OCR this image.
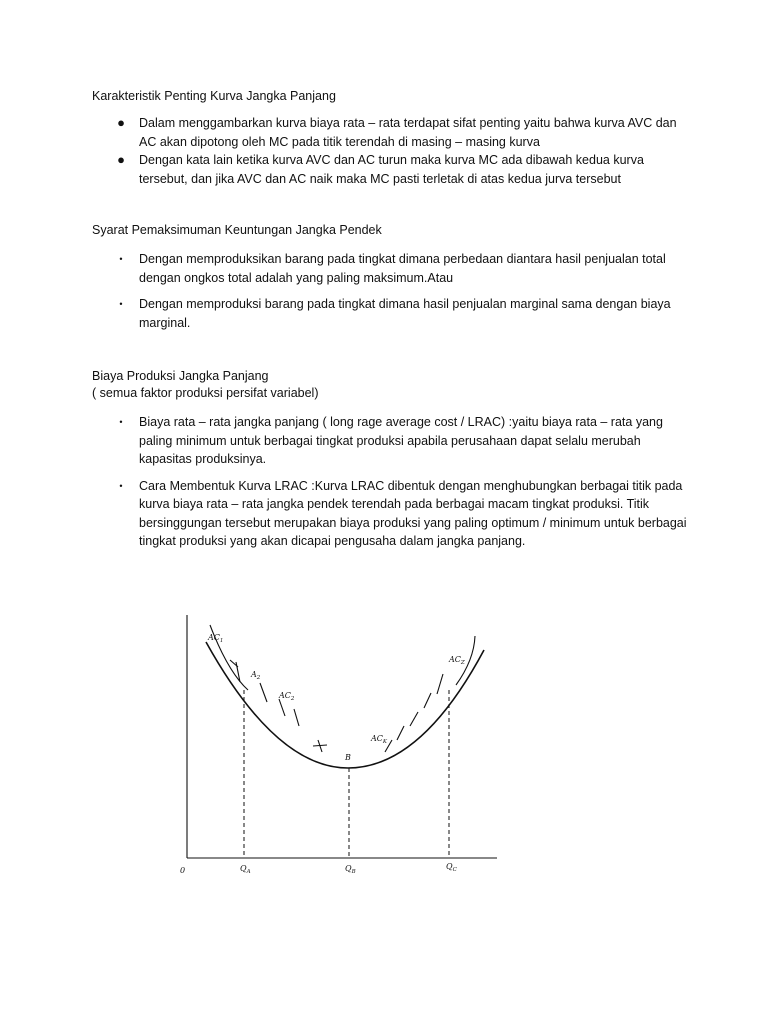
Karakteristik Penting Kurva Jangka Panjang
● Dalam menggambarkan kurva biaya rata – rata terdapat sifat penting yaitu bahwa kurva AVC dan AC akan dipotong oleh MC pada titik terendah di masing – masing kurva
● Dengan kata lain ketika kurva AVC dan AC turun maka kurva MC ada dibawah kedua kurva tersebut, dan jika AVC dan AC naik maka MC pasti terletak di atas kedua jurva tersebut
Syarat Pemaksimuman Keuntungan Jangka Pendek
•	Dengan memproduksikan barang pada tingkat dimana perbedaan diantara hasil penjualan total dengan ongkos total adalah yang paling maksimum.Atau
•	Dengan memproduksi barang pada tingkat dimana hasil penjualan marginal sama dengan biaya marginal.
Biaya Produksi Jangka Panjang
( semua faktor produksi persifat variabel)
•	Biaya rata – rata jangka panjang ( long rage average cost / LRAC) :yaitu biaya rata – rata yang paling minimum untuk berbagai tingkat produksi apabila perusahaan dapat selalu merubah kapasitas produksinya.
•	Cara Membentuk Kurva LRAC :Kurva LRAC dibentuk dengan menghubungkan berbagai titik pada kurva biaya rata – rata jangka pendek terendah pada berbagai macam tingkat produksi. Titik bersinggungan tersebut merupakan biaya produksi yang paling optimum / minimum untuk berbagai tingkat produksi yang akan dicapai pengusaha dalam jangka panjang.
0	$Q_A$	$Q_B$
$Q_C$
$AC_1$
$A_2$
$AC_2$
B
$AC_K$
$AC_Z$
